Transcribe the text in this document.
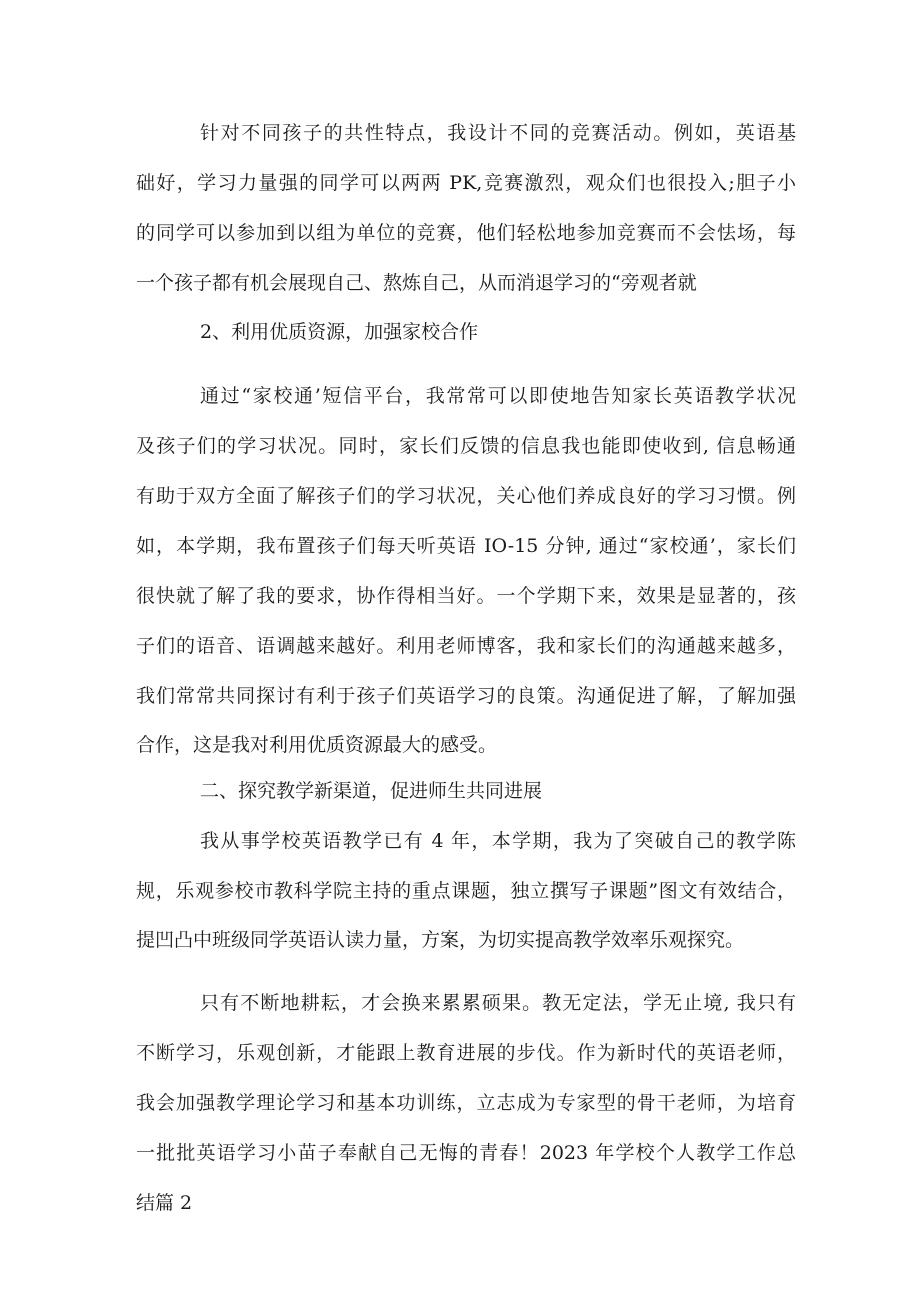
针对不同孩子的共性特点，我设计不同的竞赛活动。例如，英语基
础好，学习力量强的同学可以两两 PK,竞赛激烈，观众们也很投入;胆子小
的同学可以参加到以组为单位的竞赛，他们轻松地参加竞赛而不会怯场，每
一个孩子都有机会展现自己、熬炼自己，从而消退学习的“旁观者就
2、利用优质资源，加强家校合作
通过“家校通’短信平台，我常常可以即使地告知家长英语教学状况
及孩子们的学习状况。同时，家长们反馈的信息我也能即使收到, 信息畅通
有助于双方全面了解孩子们的学习状况，关心他们养成良好的学习习惯。例
如，本学期，我布置孩子们每天听英语 IO-15 分钟, 通过“家校通’，家长们
很快就了解了我的要求，协作得相当好。一个学期下来，效果是显著的，孩
子们的语音、语调越来越好。利用老师博客，我和家长们的沟通越来越多，
我们常常共同探讨有利于孩子们英语学习的良策。沟通促进了解，了解加强
合作，这是我对利用优质资源最大的感受。
二、探究教学新渠道，促进师生共同进展
我从事学校英语教学已有 4 年，本学期，我为了突破自己的教学陈
规，乐观参校市教科学院主持的重点课题，独立撰写子课题”图文有效结合，
提凹凸中班级同学英语认读力量，方案，为切实提高教学效率乐观探究。
只有不断地耕耘，才会换来累累硕果。教无定法，学无止境, 我只有
不断学习，乐观创新，才能跟上教育进展的步伐。作为新时代的英语老师，
我会加强教学理论学习和基本功训练，立志成为专家型的骨干老师，为培育
一批批英语学习小苗子奉献自己无悔的青春！2023 年学校个人教学工作总
结篇 2
